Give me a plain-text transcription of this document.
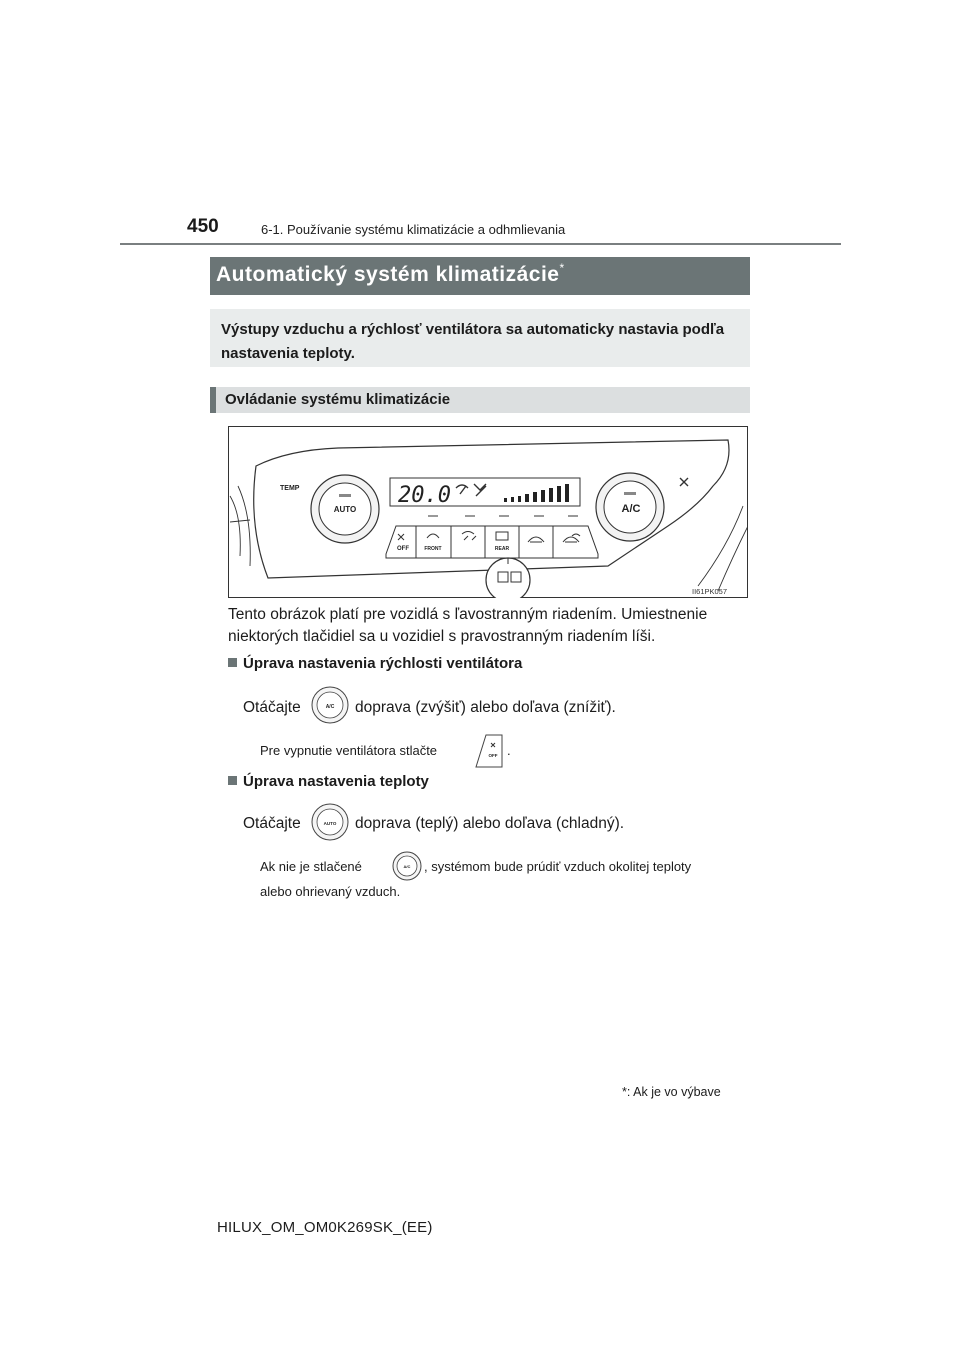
450	6-1. Používanie systému klimatizácie a odhmlievania
Automatický systém klimatizácie*
Výstupy vzduchu a rýchlosť ventilátora sa automaticky nastavia podľa nastavenia teploty.
Ovládanie systému klimatizácie
TEMP
AUTO
20.0
A/C
OFF	FRONT	REAR
II61PK057
Tento obrázok platí pre vozidlá s ľavostranným riadením. Umiestnenie niektorých tlačidiel sa u vozidiel s pravostranným riadením líši.
Úprava nastavenia rýchlosti ventilátora
Otáčajte	A/C doprava (zvýšiť) alebo doľava (znížiť).
Pre vypnutie ventilátora stlačte	OFF .
Úprava nastavenia teploty
Otáčajte	AUTO doprava (teplý) alebo doľava (chladný).
Ak nie je stlačené	A/C , systémom bude prúdiť vzduch okolitej teploty
alebo ohrievaný vzduch.
*: Ak je vo výbave
HILUX_OM_OM0K269SK_(EE)
